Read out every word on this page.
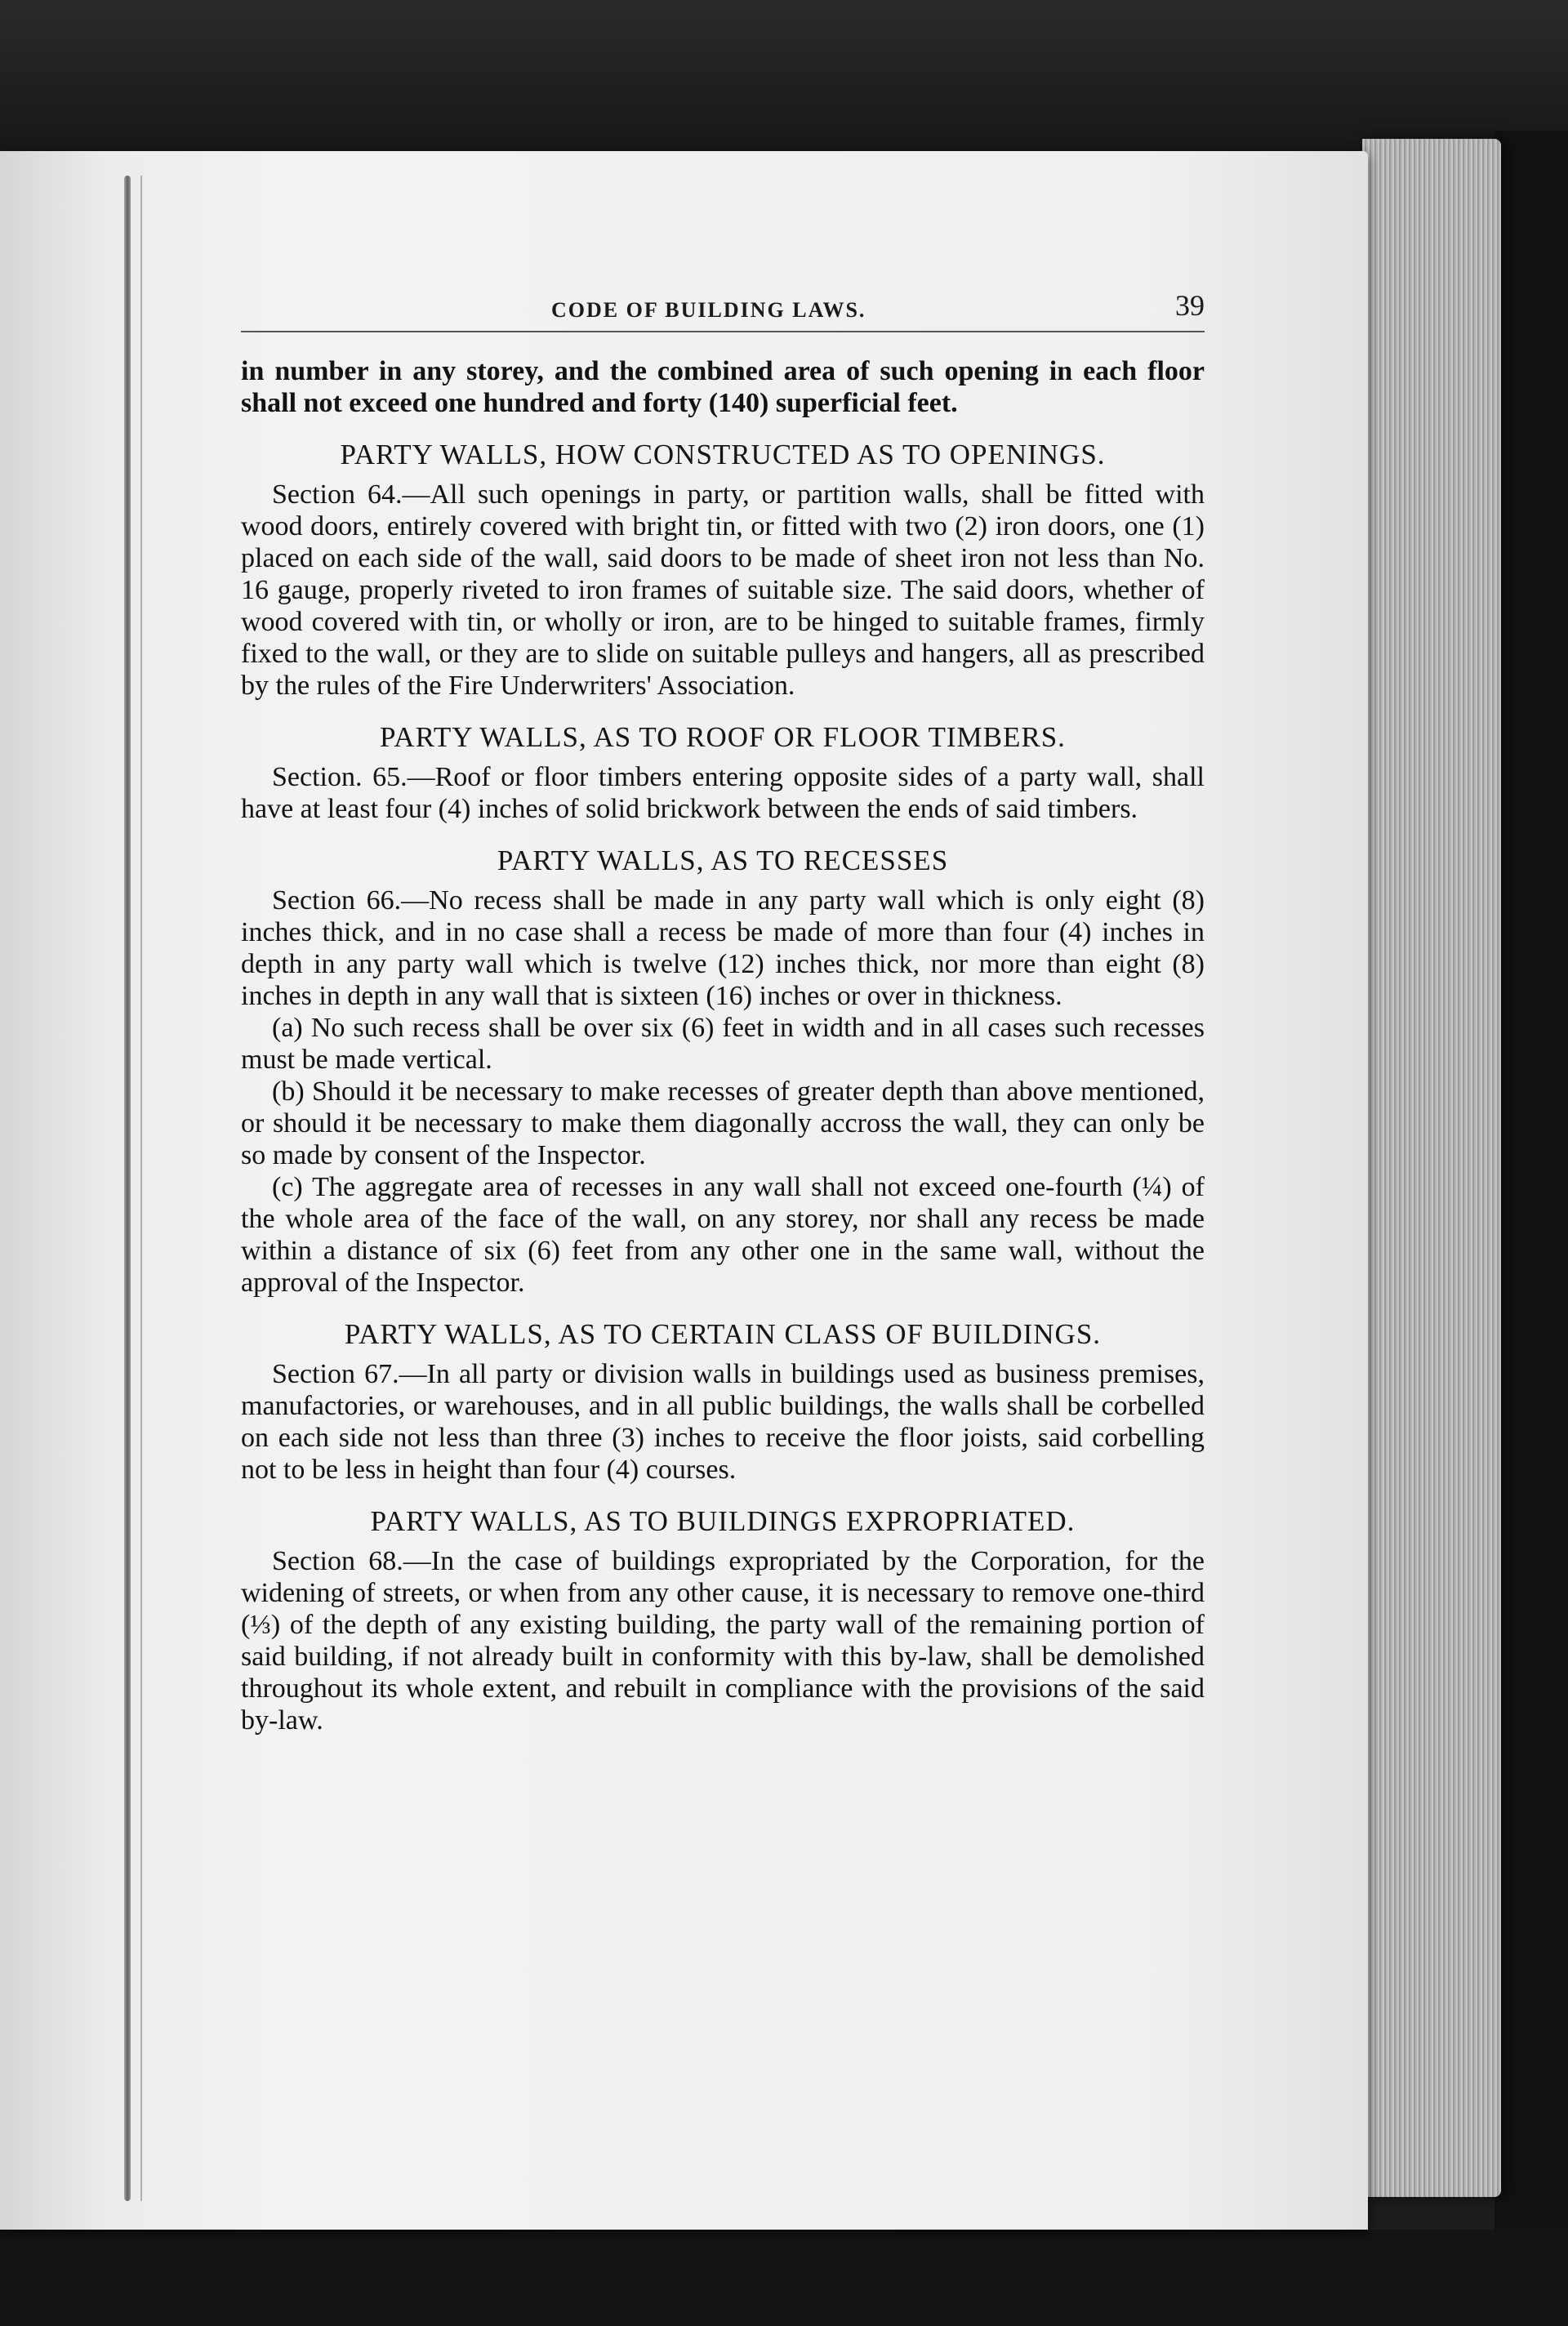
CODE OF BUILDING LAWS.	39

in number in any storey, and the combined area of such opening in each floor shall not exceed one hundred and forty (140) superficial feet.

PARTY WALLS, HOW CONSTRUCTED AS TO OPENINGS.

Section 64.—All such openings in party, or partition walls, shall be fitted with wood doors, entirely covered with bright tin, or fitted with two (2) iron doors, one (1) placed on each side of the wall, said doors to be made of sheet iron not less than No. 16 gauge, properly riveted to iron frames of suitable size. The said doors, whether of wood covered with tin, or wholly or iron, are to be hinged to suitable frames, firmly fixed to the wall, or they are to slide on suitable pulleys and hangers, all as prescribed by the rules of the Fire Underwriters' Association.

PARTY WALLS, AS TO ROOF OR FLOOR TIMBERS.

Section. 65.—Roof or floor timbers entering opposite sides of a party wall, shall have at least four (4) inches of solid brickwork between the ends of said timbers.

PARTY WALLS, AS TO RECESSES

Section 66.—No recess shall be made in any party wall which is only eight (8) inches thick, and in no case shall a recess be made of more than four (4) inches in depth in any party wall which is twelve (12) inches thick, nor more than eight (8) inches in depth in any wall that is sixteen (16) inches or over in thickness.

(a) No such recess shall be over six (6) feet in width and in all cases such recesses must be made vertical.

(b) Should it be necessary to make recesses of greater depth than above mentioned, or should it be necessary to make them diagonally accross the wall, they can only be so made by consent of the Inspector.

(c) The aggregate area of recesses in any wall shall not exceed one-fourth (¼) of the whole area of the face of the wall, on any storey, nor shall any recess be made within a distance of six (6) feet from any other one in the same wall, without the approval of the Inspector.

PARTY WALLS, AS TO CERTAIN CLASS OF BUILDINGS.

Section 67.—In all party or division walls in buildings used as business premises, manufactories, or warehouses, and in all public buildings, the walls shall be corbelled on each side not less than three (3) inches to receive the floor joists, said corbelling not to be less in height than four (4) courses.

PARTY WALLS, AS TO BUILDINGS EXPROPRIATED.

Section 68.—In the case of buildings expropriated by the Corporation, for the widening of streets, or when from any other cause, it is necessary to remove one-third (⅓) of the depth of any existing building, the party wall of the remaining portion of said building, if not already built in conformity with this by-law, shall be demolished throughout its whole extent, and rebuilt in compliance with the provisions of the said by-law.
